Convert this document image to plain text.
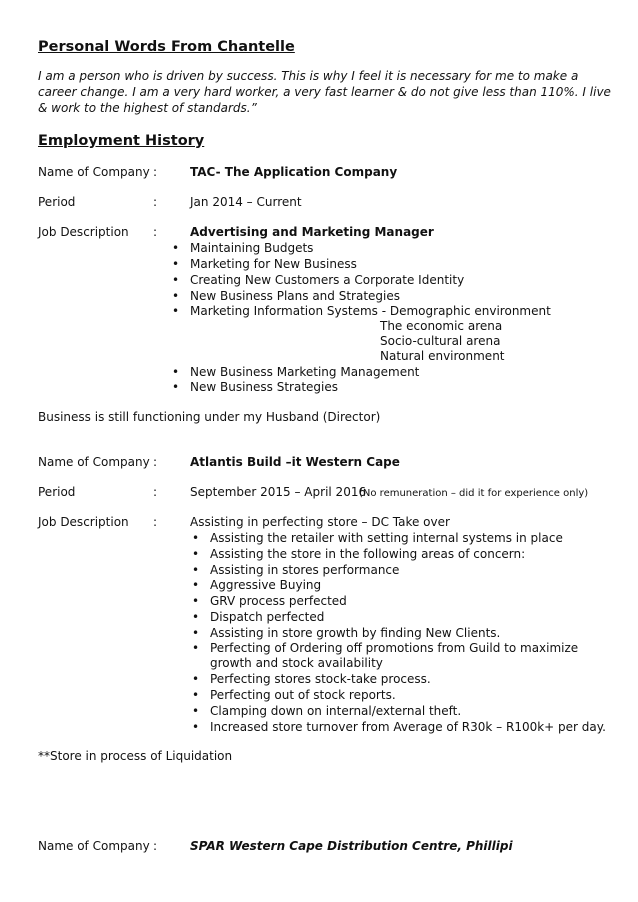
Personal Words From Chantelle
I am a person who is driven by success. This is why I feel it is necessary for me to make a
career change. I am a very hard worker, a very fast learner & do not give less than 110%. I live
& work to the highest of standards.”
Employment History
Name of Company :	TAC- The Application Company
Period	:	Jan 2014 – Current
Job Description :	Advertising and Marketing Manager
• Maintaining Budgets
• Marketing for New Business
• Creating New Customers a Corporate Identity
• New Business Plans and Strategies
• Marketing Information Systems - Demographic environment
The economic arena
Socio-cultural arena
Natural environment
• New Business Marketing Management
• New Business Strategies
Business is still functioning under my Husband (Director)
Name of Company :	Atlantis Build –it Western Cape
Period	:	September 2015 – April 2016
(No remuneration – did it for experience only)
Job Description :	Assisting in perfecting store – DC Take over
• Assisting the retailer with setting internal systems in place
• Assisting the store in the following areas of concern:
• Assisting in stores performance
• Aggressive Buying
• GRV process perfected
• Dispatch perfected
• Assisting in store growth by finding New Clients.
• Perfecting of Ordering off promotions from Guild to maximize
growth and stock availability
• Perfecting stores stock-take process.
• Perfecting out of stock reports.
• Clamping down on internal/external theft.
• Increased store turnover from Average of R30k – R100k+ per day.
**Store in process of Liquidation
Name of Company :	SPAR Western Cape Distribution Centre, Phillipi
